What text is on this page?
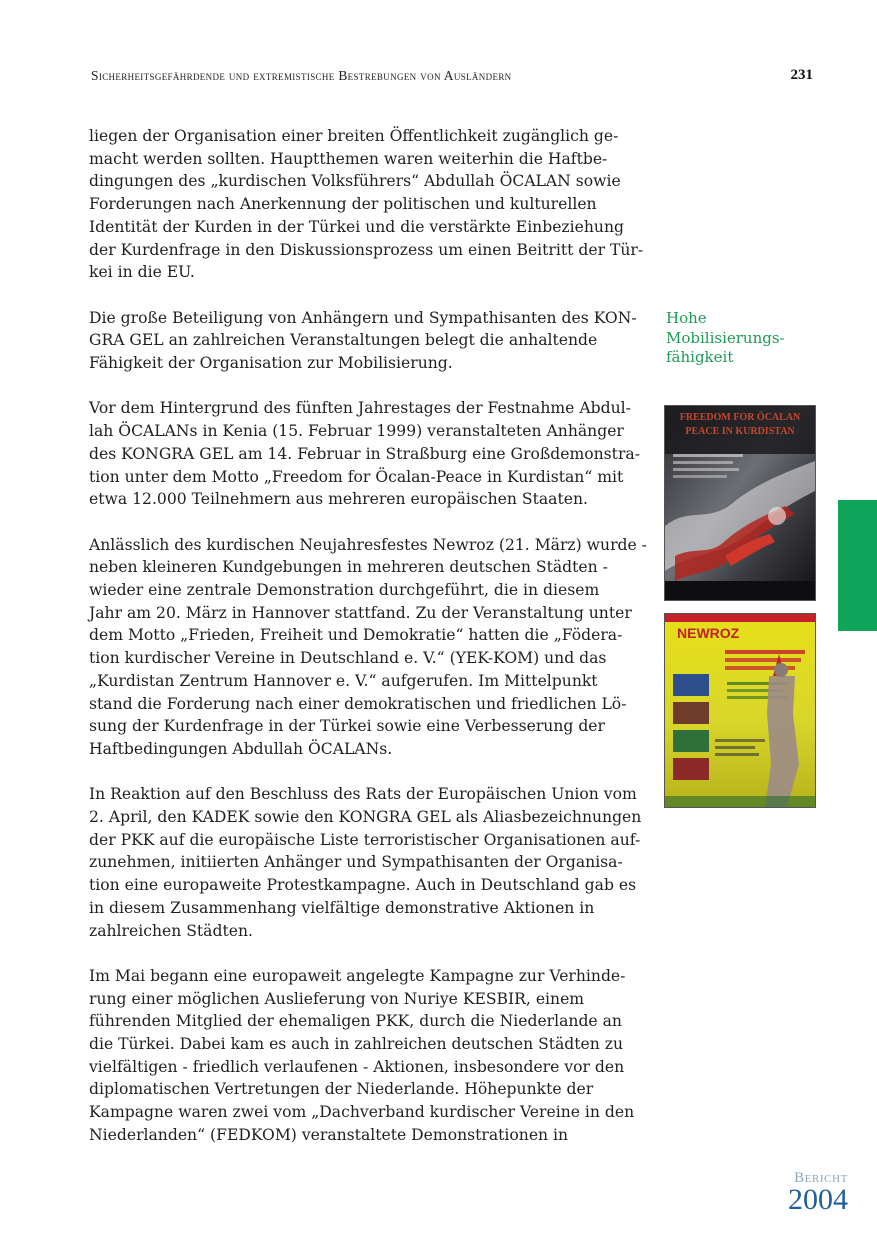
Sicherheitsgefährdende und extremistische Bestrebungen von Ausländern	231

liegen der Organisation einer breiten Öffentlichkeit zugänglich ge-
macht werden sollten. Hauptthemen waren weiterhin die Haftbe-
dingungen des „kurdischen Volksführers“ Abdullah ÖCALAN sowie
Forderungen nach Anerkennung der politischen und kulturellen
Identität der Kurden in der Türkei und die verstärkte Einbeziehung
der Kurdenfrage in den Diskussionsprozess um einen Beitritt der Tür-
kei in die EU.

Die große Beteiligung von Anhängern und Sympathisanten des KON-
GRA GEL an zahlreichen Veranstaltungen belegt die anhaltende
Fähigkeit der Organisation zur Mobilisierung.

Vor dem Hintergrund des fünften Jahrestages der Festnahme Abdul-
lah ÖCALANs in Kenia (15. Februar 1999) veranstalteten Anhänger
des KONGRA GEL am 14. Februar in Straßburg eine Großdemonstra-
tion unter dem Motto „Freedom for Öcalan-Peace in Kurdistan“ mit
etwa 12.000 Teilnehmern aus mehreren europäischen Staaten.

Anlässlich des kurdischen Neujahresfestes Newroz (21. März) wurde -
neben kleineren Kundgebungen in mehreren deutschen Städten -
wieder eine zentrale Demonstration durchgeführt, die in diesem
Jahr am 20. März in Hannover stattfand. Zu der Veranstaltung unter
dem Motto „Frieden, Freiheit und Demokratie“ hatten die „Födera-
tion kurdischer Vereine in Deutschland e. V.“ (YEK-KOM) und das
„Kurdistan Zentrum Hannover e. V.“ aufgerufen. Im Mittelpunkt
stand die Forderung nach einer demokratischen und friedlichen Lö-
sung der Kurdenfrage in der Türkei sowie eine Verbesserung der
Haftbedingungen Abdullah ÖCALANs.

In Reaktion auf den Beschluss des Rats der Europäischen Union vom
2. April, den KADEK sowie den KONGRA GEL als Aliasbezeichnungen
der PKK auf die europäische Liste terroristischer Organisationen auf-
zunehmen, initiierten Anhänger und Sympathisanten der Organisa-
tion eine europaweite Protestkampagne. Auch in Deutschland gab es
in diesem Zusammenhang vielfältige demonstrative Aktionen in
zahlreichen Städten.

Im Mai begann eine europaweit angelegte Kampagne zur Verhinde-
rung einer möglichen Auslieferung von Nuriye KESBIR, einem
führenden Mitglied der ehemaligen PKK, durch die Niederlande an
die Türkei. Dabei kam es auch in zahlreichen deutschen Städten zu
vielfältigen - friedlich verlaufenen - Aktionen, insbesondere vor den
diplomatischen Vertretungen der Niederlande. Höhepunkte der
Kampagne waren zwei vom „Dachverband kurdischer Vereine in den
Niederlanden“ (FEDKOM) veranstaltete Demonstrationen in

Hohe
Mobilisierungs-
fähigkeit
FREEDOM FOR ÖCALAN
PEACE IN KURDISTAN
NEWROZ
Bericht
2004
